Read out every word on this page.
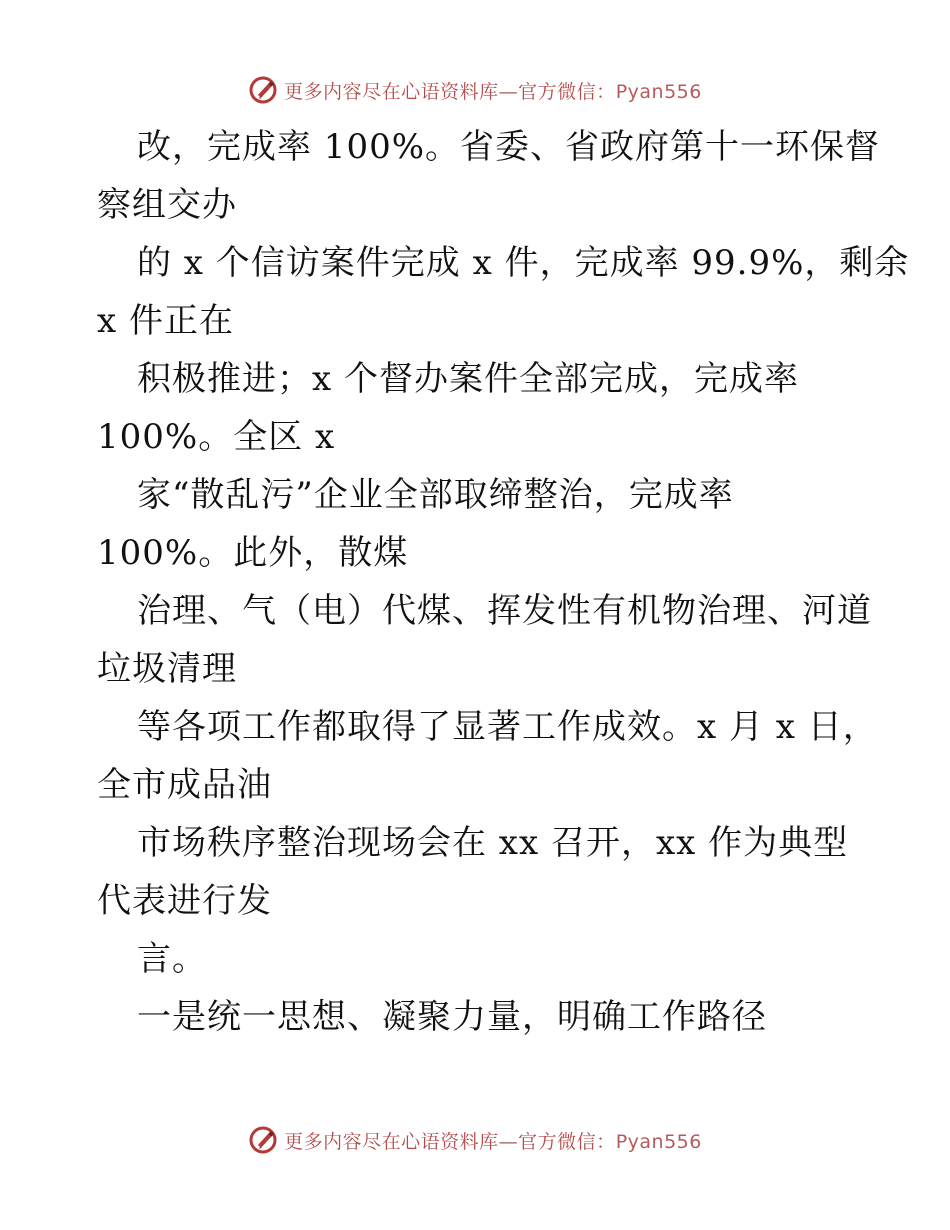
更多内容尽在心语资料库—官方微信：Pyan556
改，完成率 100%。省委、省政府第十一环保督
察组交办
的 x 个信访案件完成 x 件，完成率 99.9%，剩余
x 件正在
积极推进；x 个督办案件全部完成，完成率
100%。全区 x
家“散乱污”企业全部取缔整治，完成率
100%。此外，散煤
治理、气（电）代煤、挥发性有机物治理、河道
垃圾清理
等各项工作都取得了显著工作成效。x 月 x 日，
全市成品油
市场秩序整治现场会在 xx 召开，xx 作为典型
代表进行发
言。
一是统一思想、凝聚力量，明确工作路径
更多内容尽在心语资料库—官方微信：Pyan556
